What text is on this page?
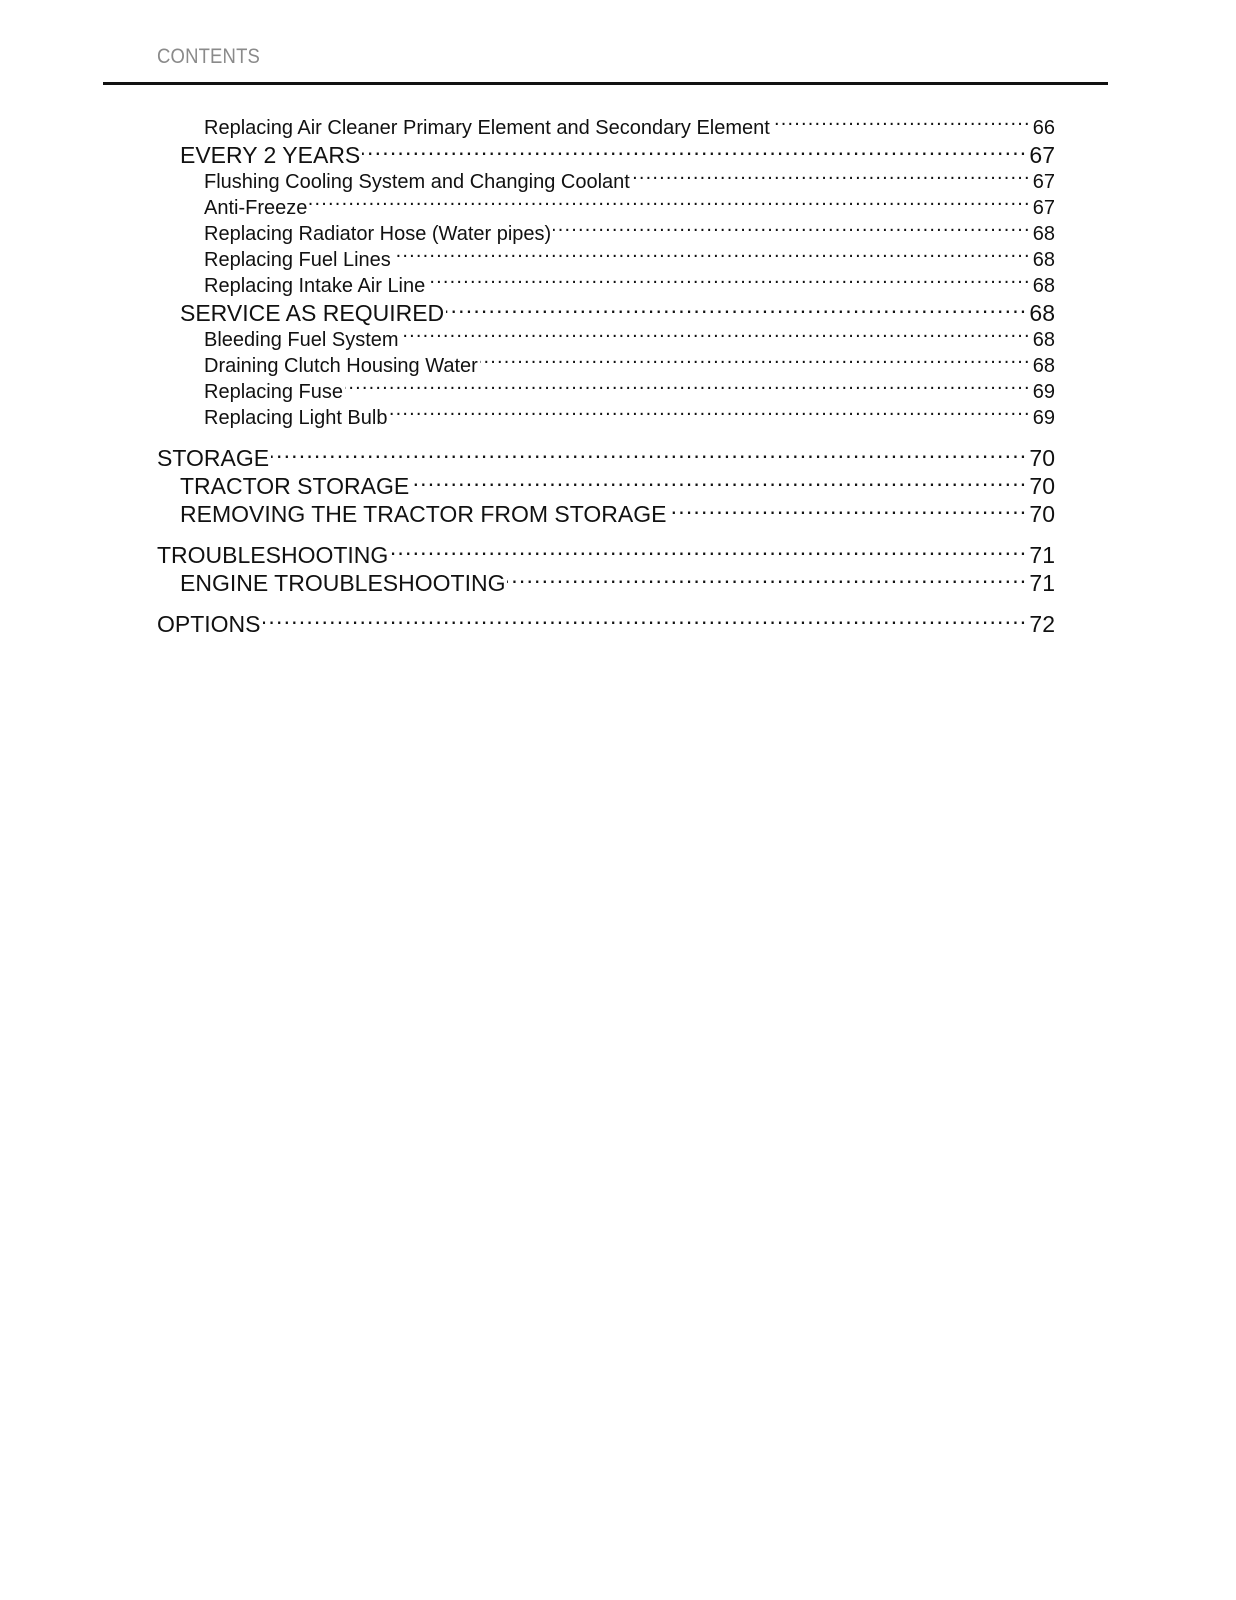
CONTENTS
Replacing Air Cleaner Primary Element and Secondary Element .....	66
EVERY 2 YEARS .....	67
Flushing Cooling System and Changing Coolant .....	67
Anti-Freeze .....	67
Replacing Radiator Hose (Water pipes) .....	68
Replacing Fuel Lines .....	68
Replacing Intake Air Line .....	68
SERVICE AS REQUIRED .....	68
Bleeding Fuel System .....	68
Draining Clutch Housing Water .....	68
Replacing Fuse .....	69
Replacing Light Bulb .....	69
STORAGE .....	70
TRACTOR STORAGE .....	70
REMOVING THE TRACTOR FROM STORAGE .....	70
TROUBLESHOOTING .....	71
ENGINE TROUBLESHOOTING .....	71
OPTIONS .....	72
